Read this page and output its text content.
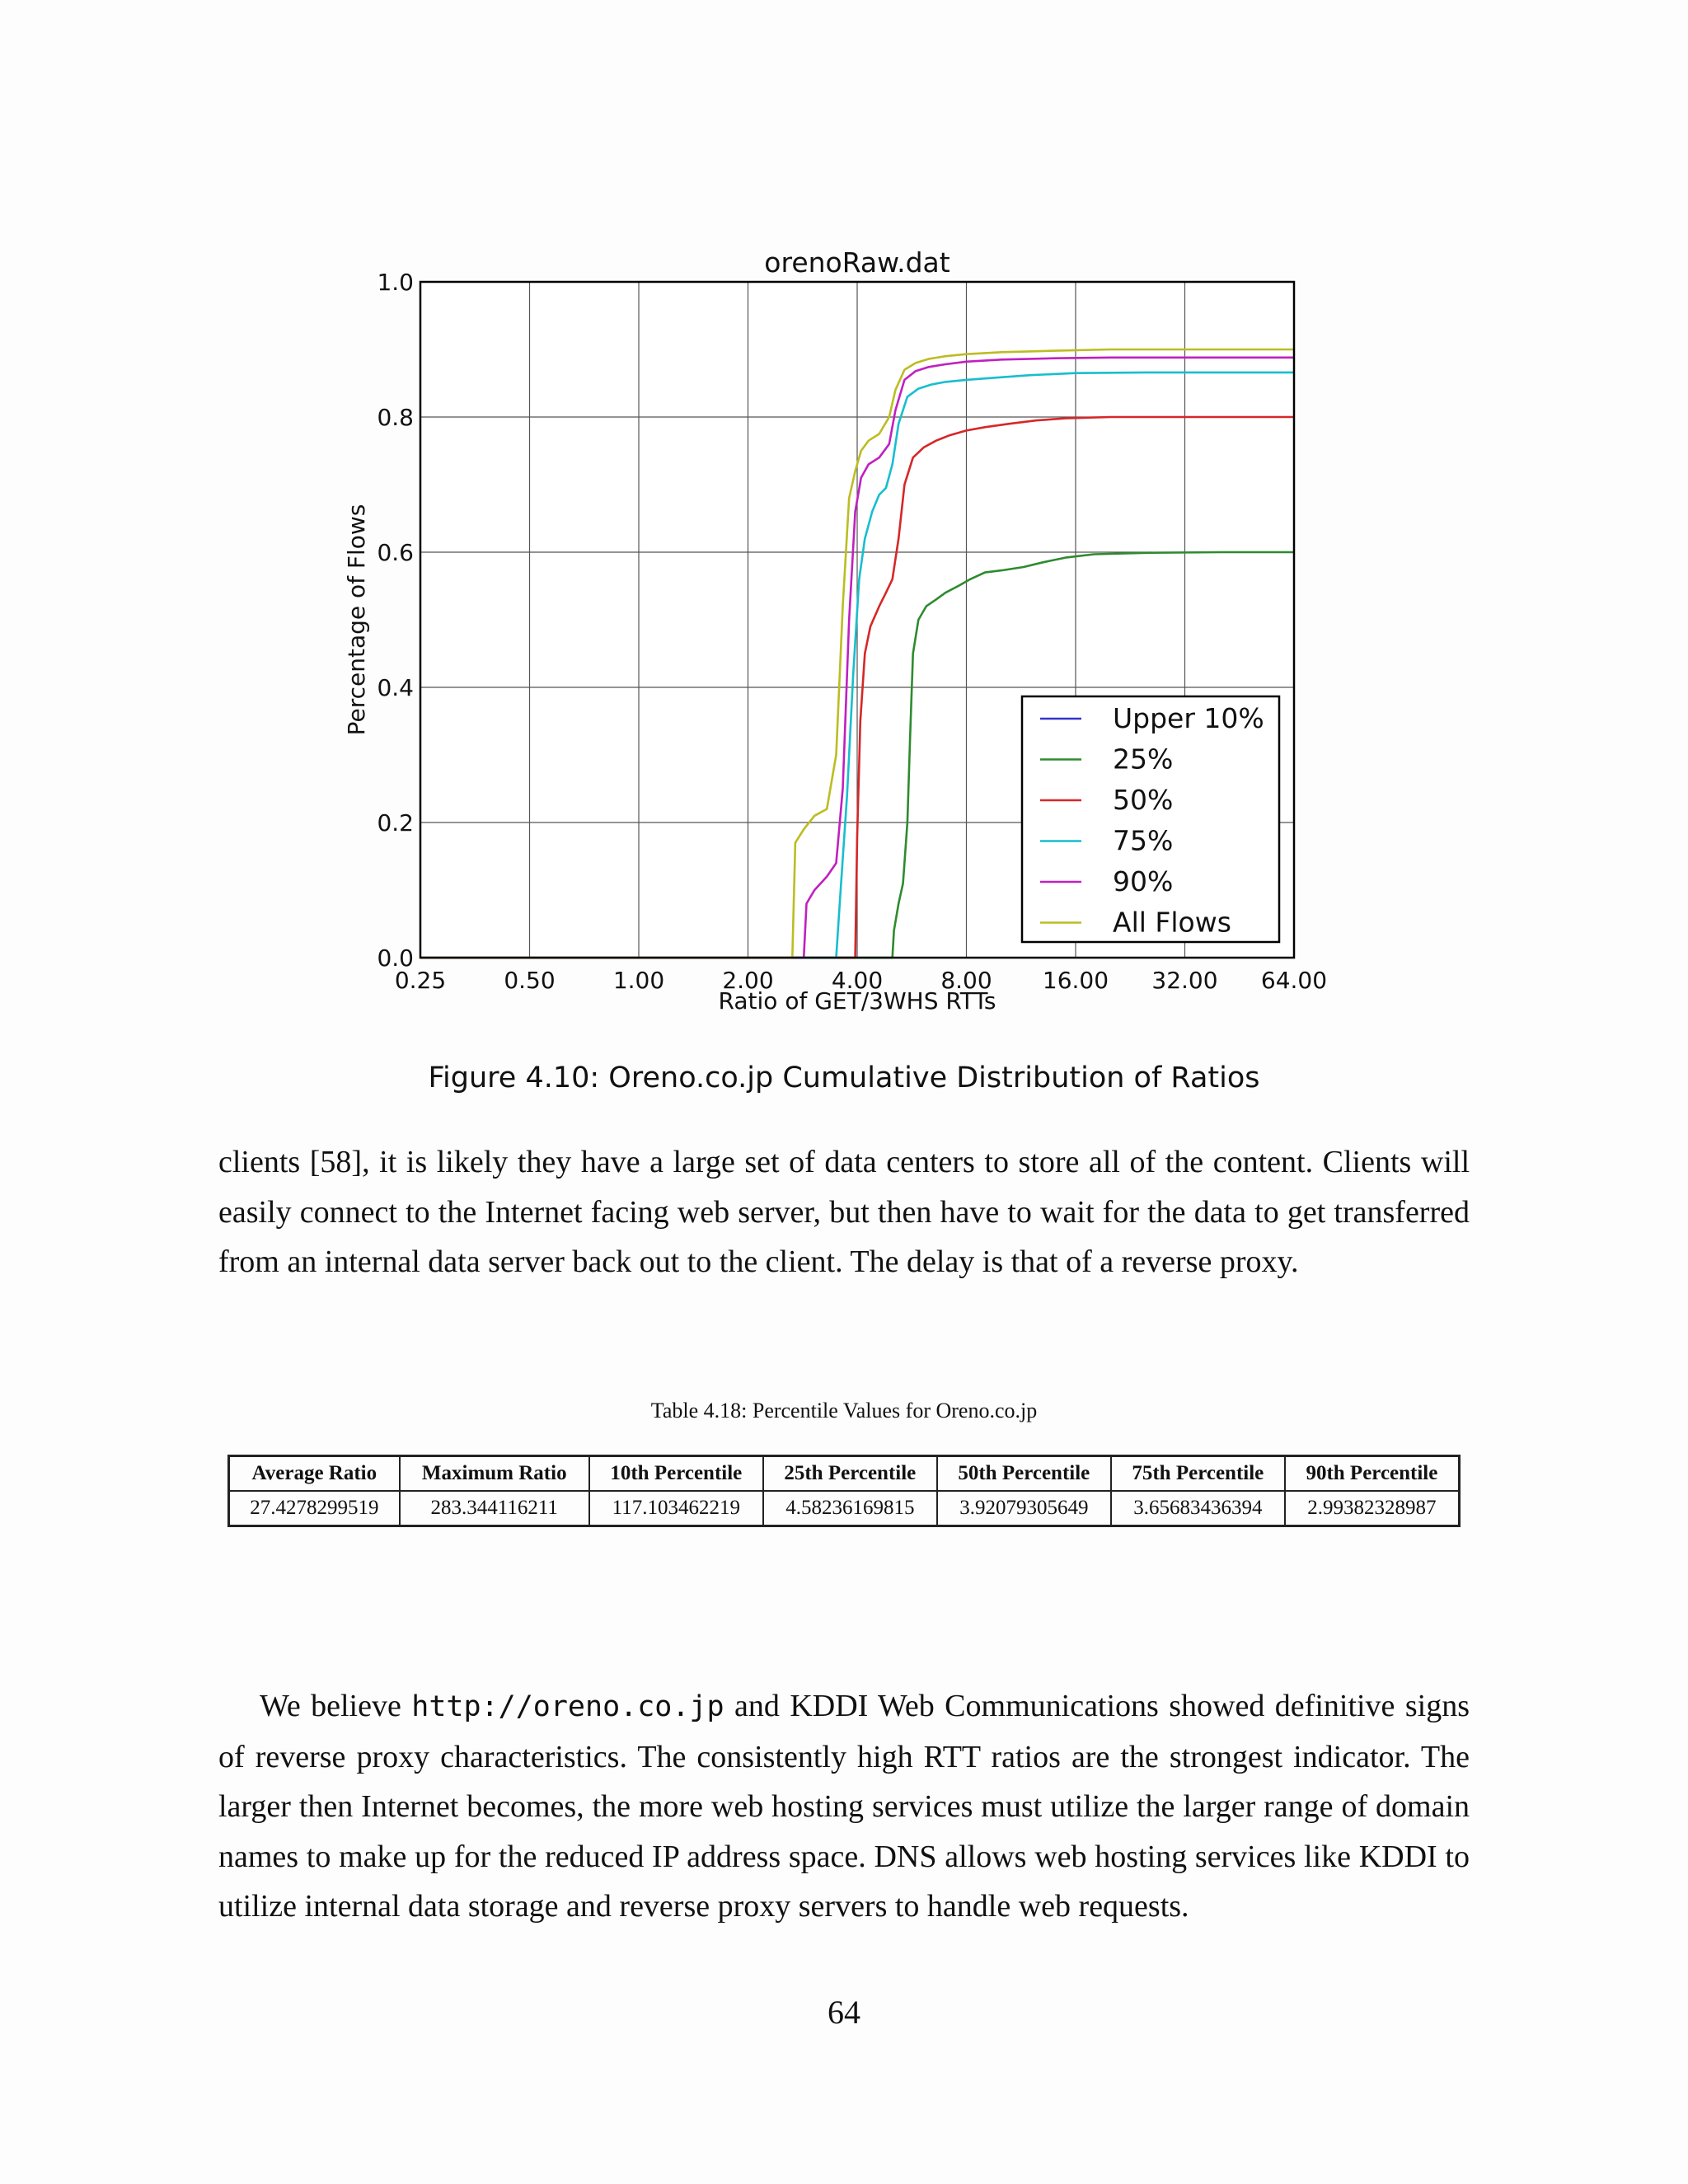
0.0
0.2
0.4
0.6
0.8
1.0
0.25	0.50	1.00	2.00	4.00	8.00 16.00 32.00 64.00
orenoRaw.dat
Ratio of GET/3WHS RTTs
Percentage of Flows	Upper 10%
25%
50%
75%
90%
All Flows
Figure 4.10: Oreno.co.jp Cumulative Distribution of Ratios

clients [58], it is likely they have a large set of data centers to store all of the content. Clients will easily connect to the Internet facing web server, but then have to wait for the data to get transferred from an internal data server back out to the client. The delay is that of a reverse proxy.

Table 4.18: Percentile Values for Oreno.co.jp
Average Ratio	Maximum Ratio	10th Percentile	25th Percentile	50th Percentile	75th Percentile	90th Percentile
27.4278299519	283.344116211	117.103462219	4.58236169815	3.92079305649	3.65683436394	2.99382328987

We believe http://oreno.co.jp and KDDI Web Communications showed definitive signs of reverse proxy characteristics. The consistently high RTT ratios are the strongest indicator. The larger then Internet becomes, the more web hosting services must utilize the larger range of domain names to make up for the reduced IP address space. DNS allows web hosting services like KDDI to utilize internal data storage and reverse proxy servers to handle web requests.

64
